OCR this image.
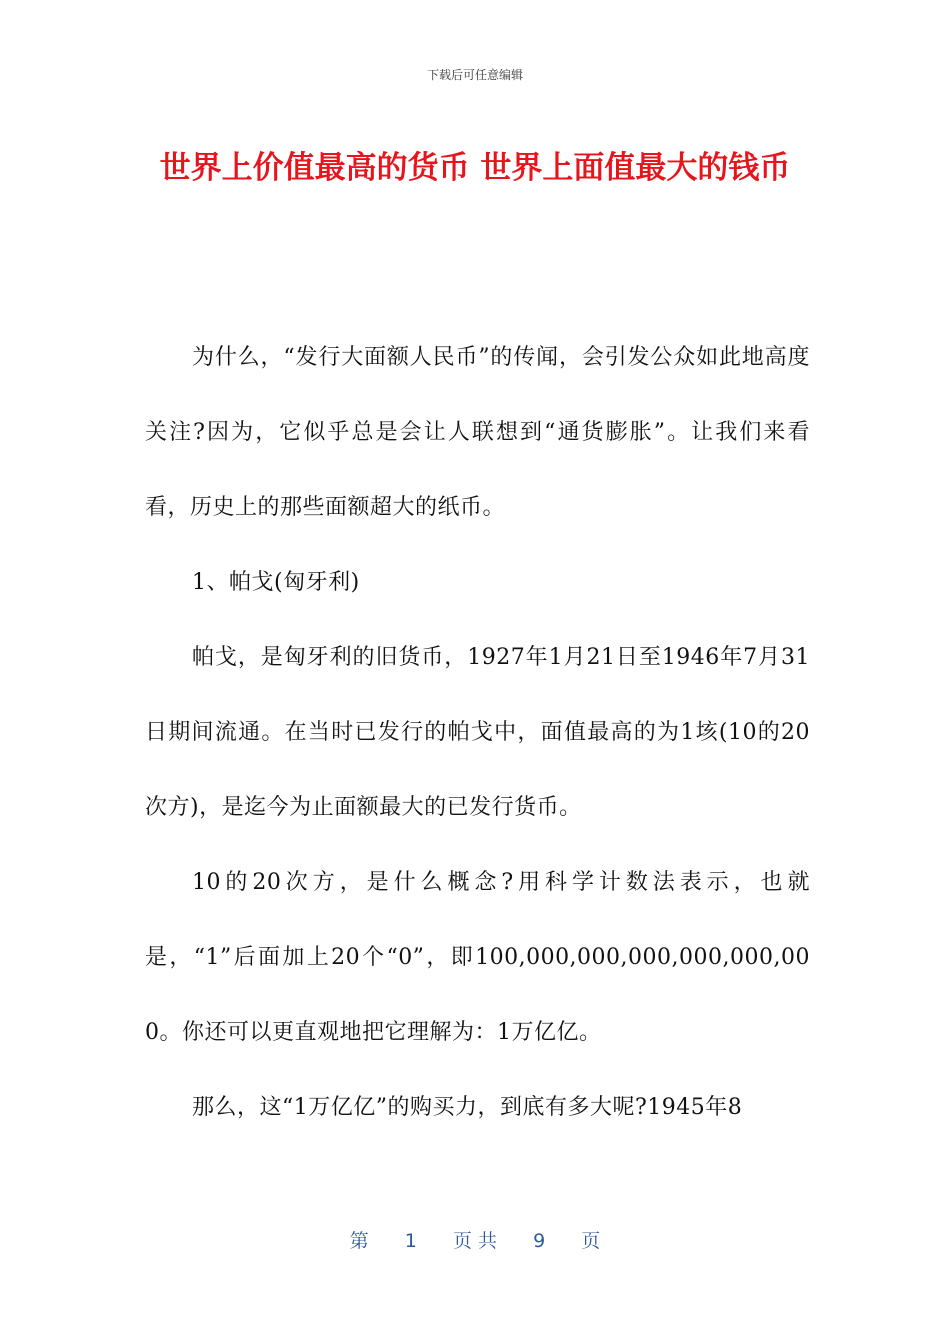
下载后可任意编辑
世界上价值最高的货币 世界上面值最大的钱币

为什么，“发行大面额人民币”的传闻，会引发公众如此地高度关注?因为，它似乎总是会让人联想到“通货膨胀”。让我们来看看，历史上的那些面额超大的纸币。

1、帕戈(匈牙利)

帕戈，是匈牙利的旧货币，1927年1月21日至1946年7月31日期间流通。在当时已发行的帕戈中，面值最高的为1垓(10的20次方)，是迄今为止面额最大的已发行货币。

10的20次方，是什么概念?用科学计数法表示，也就是，“1”后面加上20个“0”，即100,000,000,000,000,000,000。你还可以更直观地把它理解为：1万亿亿。

那么，这“1万亿亿”的购买力，到底有多大呢?1945年8

第 1 页 共 9 页
